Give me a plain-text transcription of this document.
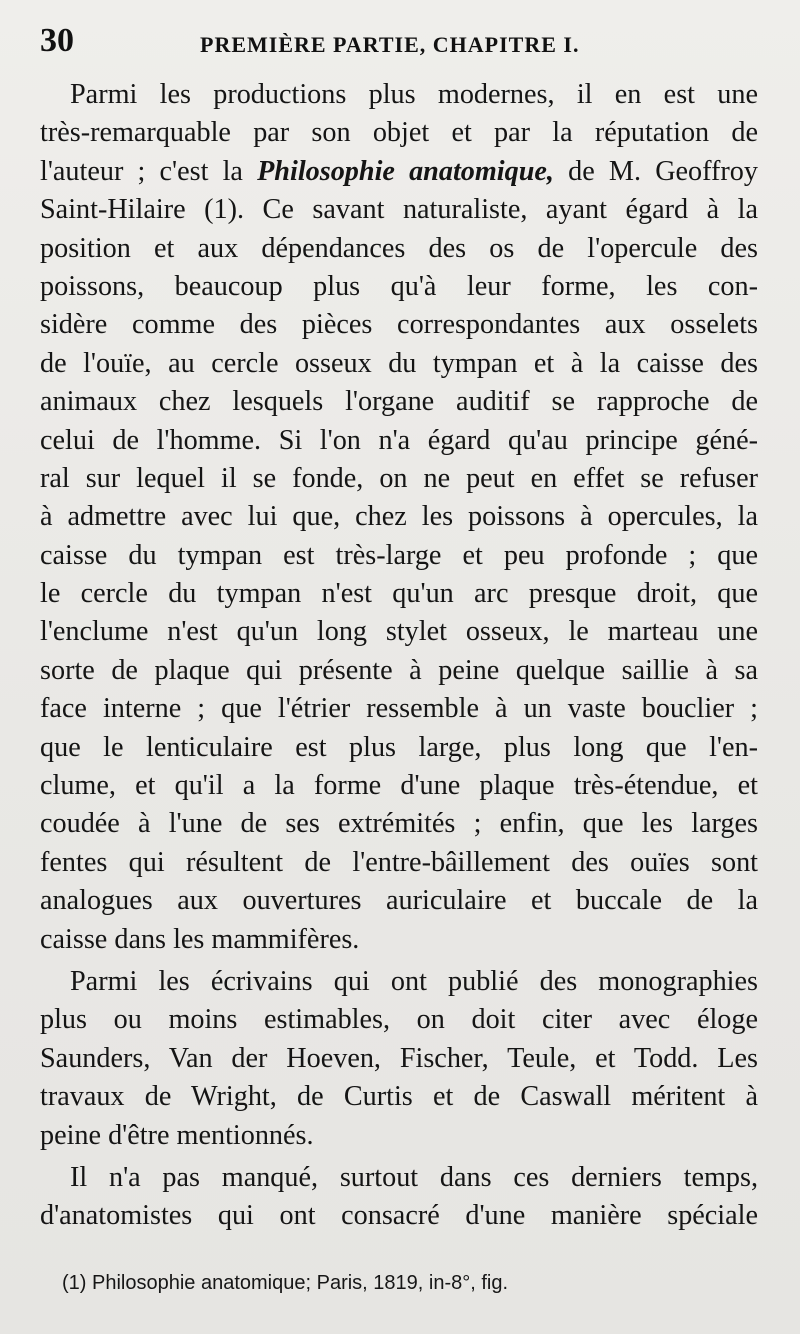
30	PREMIÈRE PARTIE, CHAPITRE I.
Parmi les productions plus modernes, il en est une
très-remarquable par son objet et par la réputation de
l'auteur ; c'est la Philosophie anatomique, de M. Geoffroy
Saint-Hilaire (1). Ce savant naturaliste, ayant égard à la
position et aux dépendances des os de l'opercule des
poissons, beaucoup plus qu'à leur forme, les con-
sidère comme des pièces correspondantes aux osselets
de l'ouïe, au cercle osseux du tympan et à la caisse des
animaux chez lesquels l'organe auditif se rapproche de
celui de l'homme. Si l'on n'a égard qu'au principe géné-
ral sur lequel il se fonde, on ne peut en effet se refuser
à admettre avec lui que, chez les poissons à opercules, la
caisse du tympan est très-large et peu profonde ; que
le cercle du tympan n'est qu'un arc presque droit, que
l'enclume n'est qu'un long stylet osseux, le marteau une
sorte de plaque qui présente à peine quelque saillie à sa
face interne ; que l'étrier ressemble à un vaste bouclier ;
que le lenticulaire est plus large, plus long que l'en-
clume, et qu'il a la forme d'une plaque très-étendue, et
coudée à l'une de ses extrémités ; enfin, que les larges
fentes qui résultent de l'entre-bâillement des ouïes sont
analogues aux ouvertures auriculaire et buccale de la
caisse dans les mammifères.
Parmi les écrivains qui ont publié des monographies
plus ou moins estimables, on doit citer avec éloge
Saunders, Van der Hoeven, Fischer, Teule, et Todd. Les
travaux de Wright, de Curtis et de Caswall méritent à
peine d'être mentionnés.
Il n'a pas manqué, surtout dans ces derniers temps,
d'anatomistes qui ont consacré d'une manière spéciale
(1) Philosophie anatomique; Paris, 1819, in-8°, fig.
